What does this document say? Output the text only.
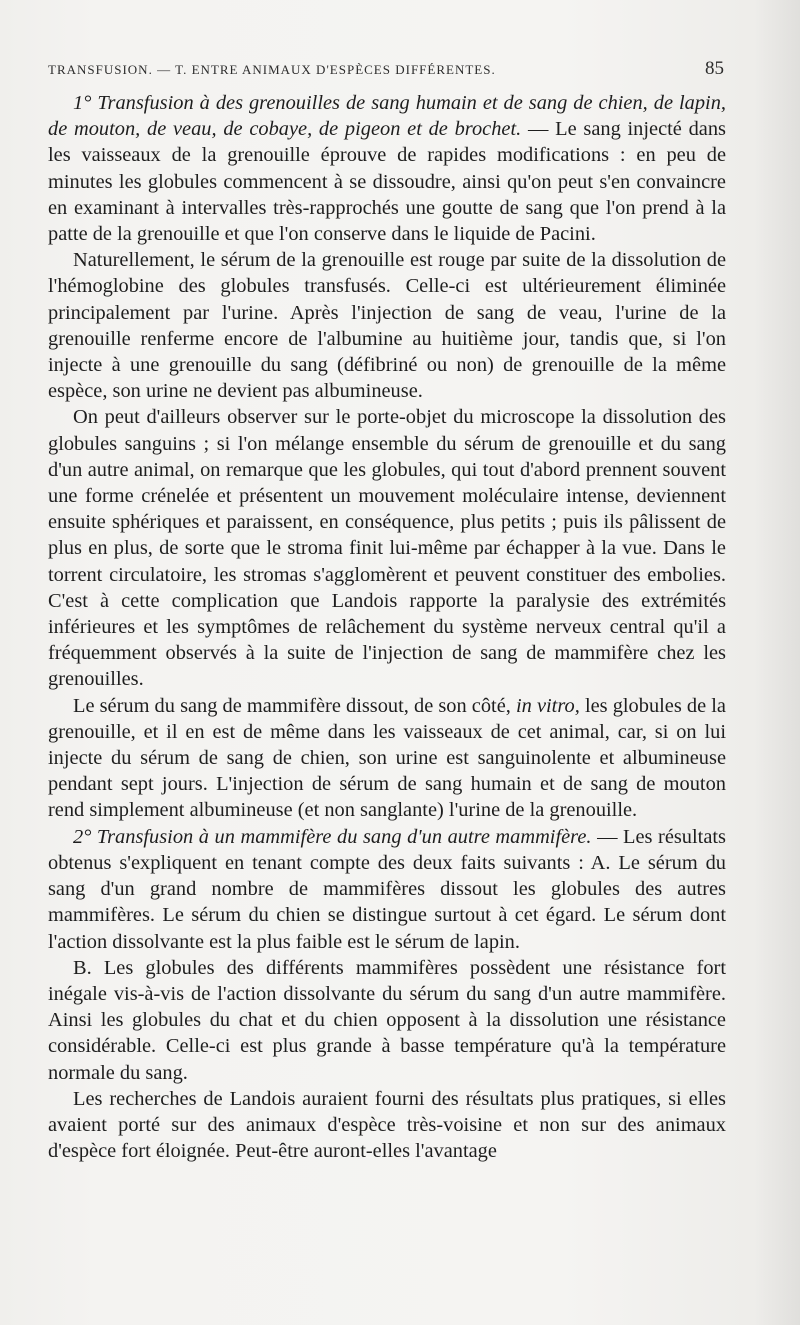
TRANSFUSION. — T. ENTRE ANIMAUX D'ESPÈCES DIFFÉRENTES.	85

1° Transfusion à des grenouilles de sang humain et de sang de chien, de lapin, de mouton, de veau, de cobaye, de pigeon et de brochet. — Le sang injecté dans les vaisseaux de la grenouille éprouve de rapides modifications : en peu de minutes les globules commencent à se dissoudre, ainsi qu'on peut s'en convaincre en examinant à intervalles très-rapprochés une goutte de sang que l'on prend à la patte de la grenouille et que l'on conserve dans le liquide de Pacini.

Naturellement, le sérum de la grenouille est rouge par suite de la dissolution de l'hémoglobine des globules transfusés. Celle-ci est ultérieurement éliminée principalement par l'urine. Après l'injection de sang de veau, l'urine de la grenouille renferme encore de l'albumine au huitième jour, tandis que, si l'on injecte à une grenouille du sang (défibriné ou non) de grenouille de la même espèce, son urine ne devient pas albumineuse.

On peut d'ailleurs observer sur le porte-objet du microscope la dissolution des globules sanguins ; si l'on mélange ensemble du sérum de grenouille et du sang d'un autre animal, on remarque que les globules, qui tout d'abord prennent souvent une forme crénelée et présentent un mouvement moléculaire intense, deviennent ensuite sphériques et paraissent, en conséquence, plus petits ; puis ils pâlissent de plus en plus, de sorte que le stroma finit lui-même par échapper à la vue. Dans le torrent circulatoire, les stromas s'agglomèrent et peuvent constituer des embolies. C'est à cette complication que Landois rapporte la paralysie des extrémités inférieures et les symptômes de relâchement du système nerveux central qu'il a fréquemment observés à la suite de l'injection de sang de mammifère chez les grenouilles.

Le sérum du sang de mammifère dissout, de son côté, in vitro, les globules de la grenouille, et il en est de même dans les vaisseaux de cet animal, car, si on lui injecte du sérum de sang de chien, son urine est sanguinolente et albumineuse pendant sept jours. L'injection de sérum de sang humain et de sang de mouton rend simplement albumineuse (et non sanglante) l'urine de la grenouille.

2° Transfusion à un mammifère du sang d'un autre mammifère. — Les résultats obtenus s'expliquent en tenant compte des deux faits suivants : A. Le sérum du sang d'un grand nombre de mammifères dissout les globules des autres mammifères. Le sérum du chien se distingue surtout à cet égard. Le sérum dont l'action dissolvante est la plus faible est le sérum de lapin.

B. Les globules des différents mammifères possèdent une résistance fort inégale vis-à-vis de l'action dissolvante du sérum du sang d'un autre mammifère. Ainsi les globules du chat et du chien opposent à la dissolution une résistance considérable. Celle-ci est plus grande à basse température qu'à la température normale du sang.

Les recherches de Landois auraient fourni des résultats plus pratiques, si elles avaient porté sur des animaux d'espèce très-voisine et non sur des animaux d'espèce fort éloignée. Peut-être auront-elles l'avantage
